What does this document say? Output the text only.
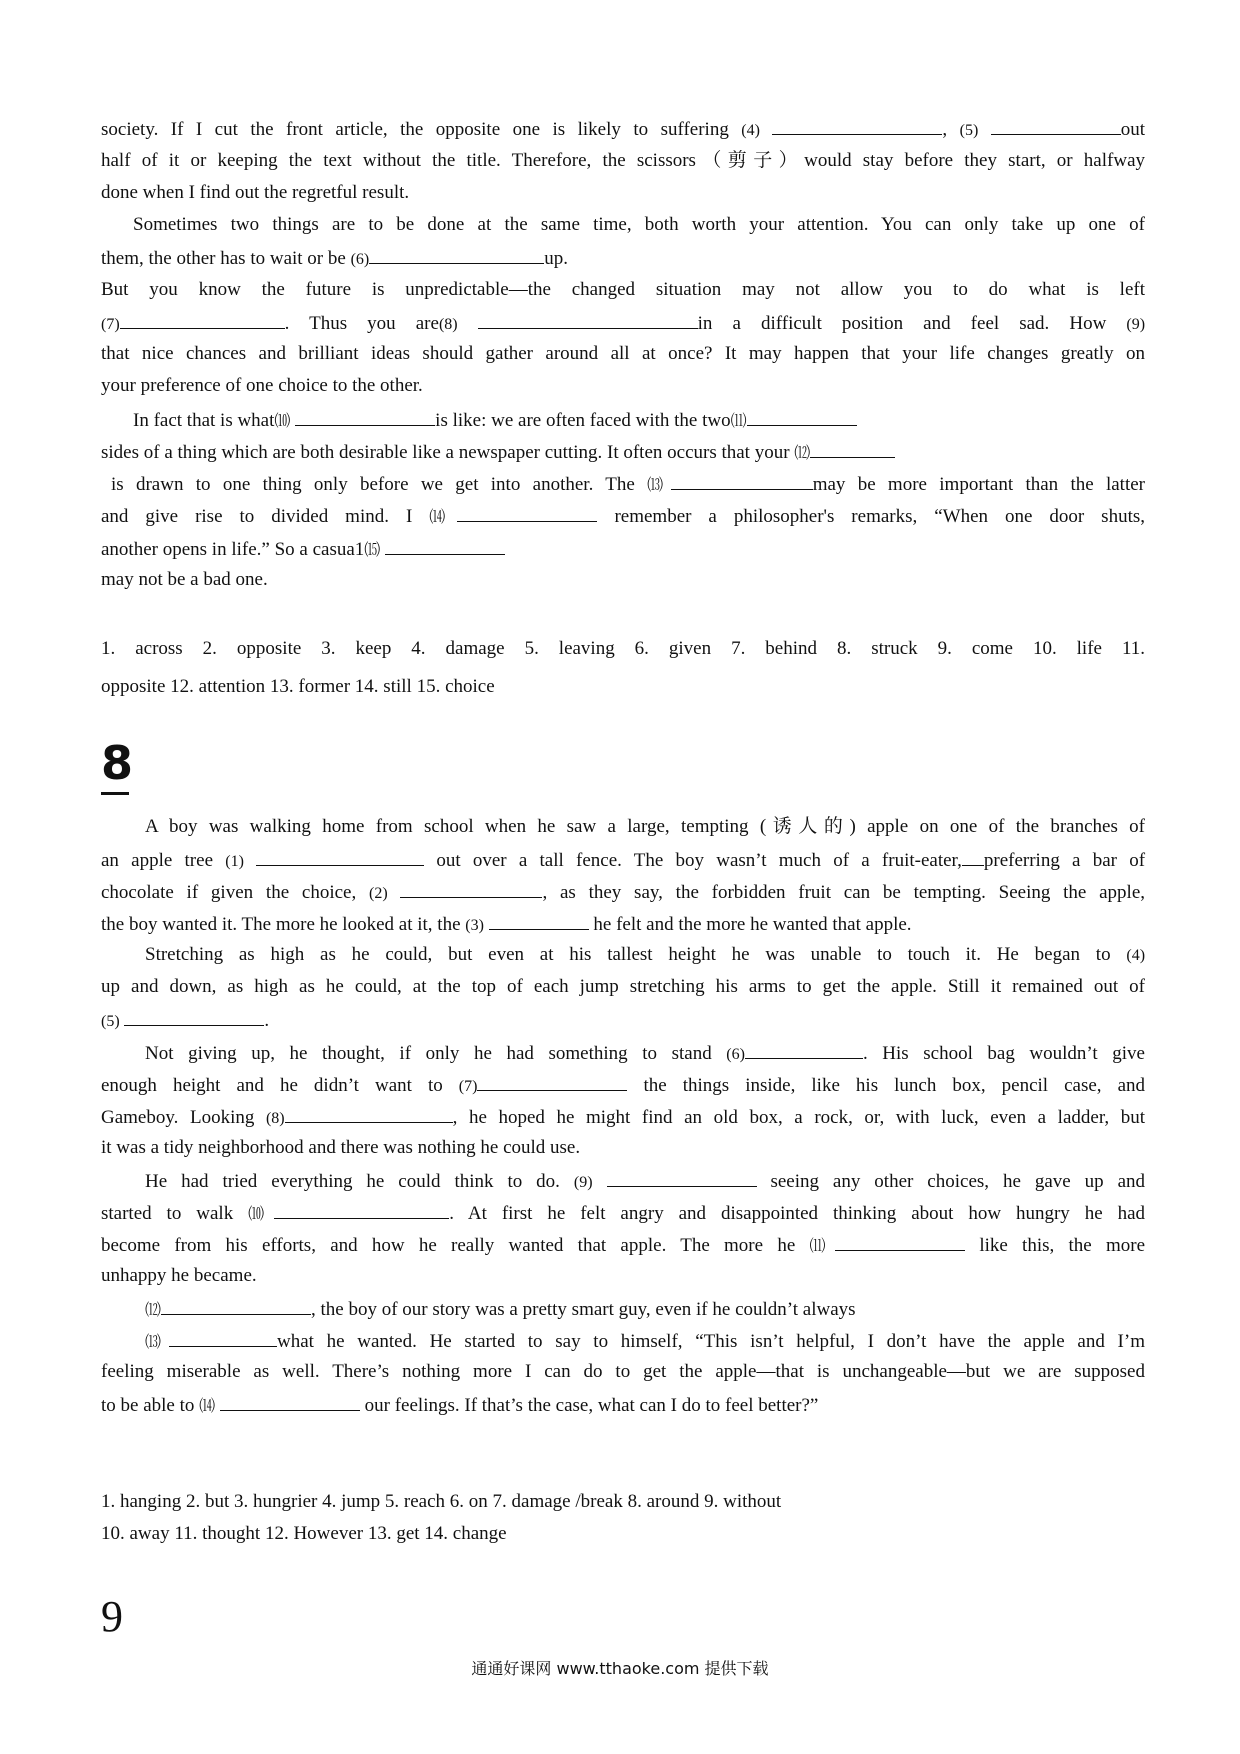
society. If I cut the front article, the opposite one is likely to suffering (4)	, (5)	out
half of it or keeping the text without the title. Therefore, the scissors（剪子）would stay before they start, or halfway
done when I find out the regretful result.
Sometimes two things are to be done at the same time, both worth your attention. You can only take up one of
them, the other has to wait or be (6)	up.
But you know the future is unpredictable—the changed situation may not allow you to do what is left
(7)	. Thus you are(8)	in a difficult position and feel sad. How (9)
that nice chances and brilliant ideas should gather around all at once? It may happen that your life changes greatly on
your preference of one choice to the other.
In fact that is what⑽	is like: we are often faced with the two⑾
sides of a thing which are both desirable like a newspaper cutting. It often occurs that your ⑿
is drawn to one thing only before we get into another. The ⒀	may be more important than the latter
and give rise to divided mind. I ⒁	remember a philosopher's remarks, “When one door shuts,
another opens in life.” So a casua1⒂
may not be a bad one.
1. across 2. opposite 3. keep 4. damage 5. leaving 6. given 7. behind 8. struck 9. come 10. life 11.
opposite 12. attention 13. former 14. still 15. choice
8
A boy was walking home from school when he saw a large, tempting (诱人的) apple on one of the branches of
an apple tree (1)	out over a tall fence. The boy wasn’t much of a fruit-eater, preferring a bar of
chocolate if given the choice, (2)	, as they say, the forbidden fruit can be tempting. Seeing the apple,
the boy wanted it. The more he looked at it, the (3)	he felt and the more he wanted that apple.
Stretching as high as he could, but even at his tallest height he was unable to touch it. He began to (4)
up and down, as high as he could, at the top of each jump stretching his arms to get the apple. Still it remained out of
(5)	.
Not giving up, he thought, if only he had something to stand (6)	. His school bag wouldn’t give
enough height and he didn’t want to (7)	the things inside, like his lunch box, pencil case, and
Gameboy. Looking (8)	, he hoped he might find an old box, a rock, or, with luck, even a ladder, but
it was a tidy neighborhood and there was nothing he could use.
He had tried everything he could think to do. (9)	seeing any other choices, he gave up and
started to walk ⑽	. At first he felt angry and disappointed thinking about how hungry he had
become from his efforts, and how he really wanted that apple. The more he ⑾	like this, the more
unhappy he became.
⑿	, the boy of our story was a pretty smart guy, even if he couldn’t always
⒀	what he wanted. He started to say to himself, “This isn’t helpful, I don’t have the apple and I’m
feeling miserable as well. There’s nothing more I can do to get the apple—that is unchangeable—but we are supposed
to be able to ⒁	our feelings. If that’s the case, what can I do to feel better?”
1. hanging 2. but 3. hungrier 4. jump 5. reach 6. on 7. damage /break 8. around 9. without
10. away 11. thought 12. However 13. get 14. change
9
通通好课网 www.tthaoke.com 提供下载
